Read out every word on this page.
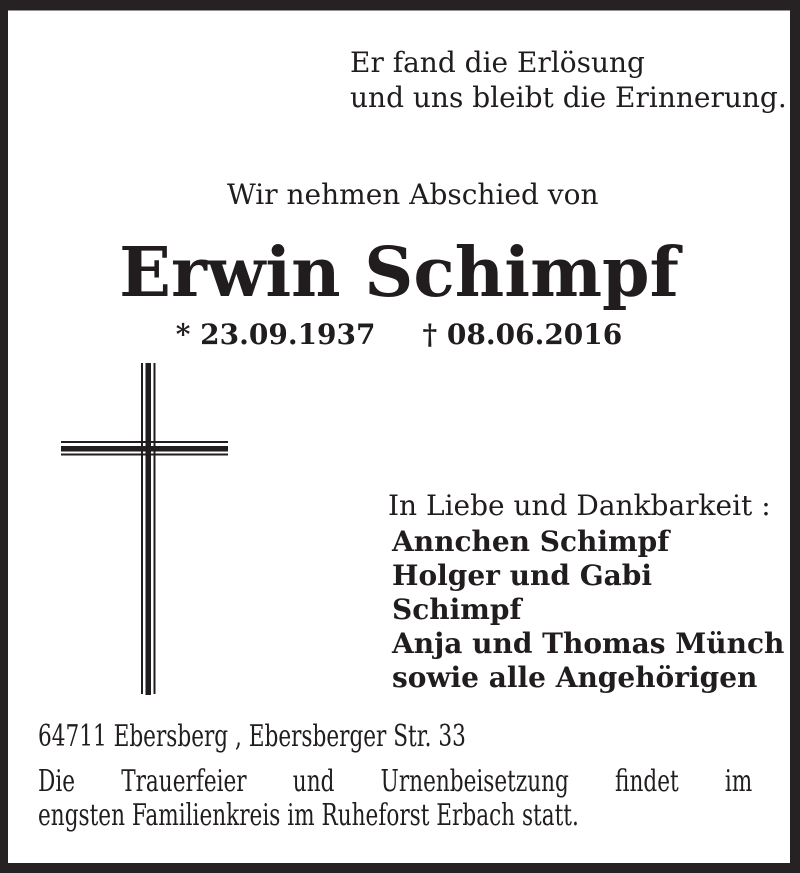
Er fand die Erlösung
und uns bleibt die Erinnerung.
Wir nehmen Abschied von
Erwin Schimpf
* 23.09.1937 † 08.06.2016
In Liebe und Dankbarkeit :
Annchen Schimpf
Holger und Gabi Schimpf
Anja und Thomas Münch
sowie alle Angehörigen
64711 Ebersberg , Ebersberger Str. 33
Die Trauerfeier und Urnenbeisetzung findet im
engsten Familienkreis im Ruheforst Erbach statt.
